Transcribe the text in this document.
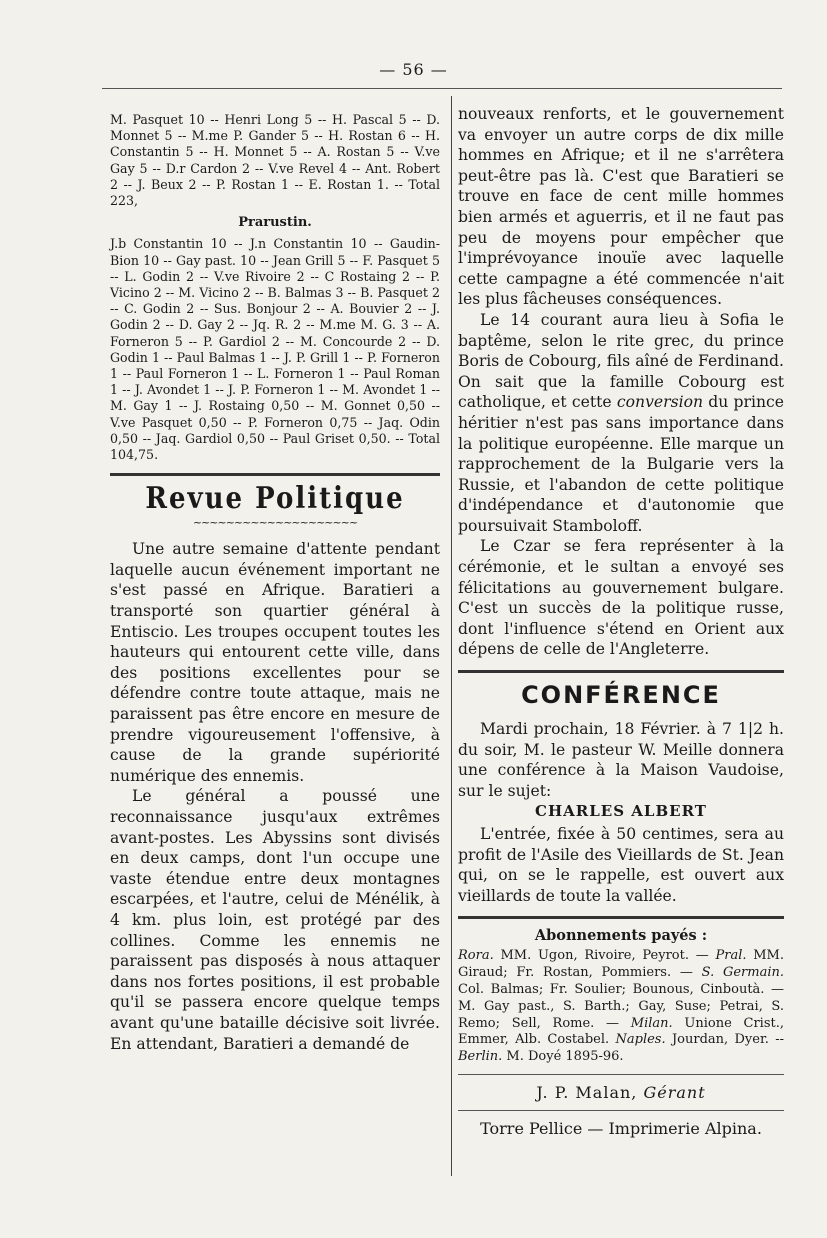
— 56 —

M. Pasquet 10 -- Henri Long 5 -- H. Pascal 5 -- D. Monnet 5 -- M.me P. Gander 5 -- H. Rostan 6 -- H. Constantin 5 -- H. Monnet 5 -- A. Rostan 5 -- V.ve Gay 5 -- D.r Cardon 2 -- V.ve Revel 4 -- Ant. Robert 2 -- J. Beux 2 -- P. Rostan 1 -- E. Rostan 1. -- Total 223,

Prarustin.

J.b Constantin 10 -- J.n Constantin 10 -- Gaudin-Bion 10 -- Gay past. 10 -- Jean Grill 5 -- F. Pasquet 5 -- L. Godin 2 -- V.ve Rivoire 2 -- C Rostaing 2 -- P. Vicino 2 -- M. Vicino 2 -- B. Balmas 3 -- B. Pasquet 2 -- C. Godin 2 -- Sus. Bonjour 2 -- A. Bouvier 2 -- J. Godin 2 -- D. Gay 2 -- Jq. R. 2 -- M.me M. G. 3 -- A. Forneron 5 -- P. Gardiol 2 -- M. Concourde 2 -- D. Godin 1 -- Paul Balmas 1 -- J. P. Grill 1 -- P. Forneron 1 -- Paul Forneron 1 -- L. Forneron 1 -- Paul Roman 1 -- J. Avondet 1 -- J. P. Forneron 1 -- M. Avondet 1 -- M. Gay 1 -- J. Rostaing 0,50 -- M. Gonnet 0,50 -- V.ve Pasquet 0,50 -- P. Forneron 0,75 -- Jaq. Odin 0,50 -- Jaq. Gardiol 0,50 -- Paul Griset 0,50. -- Total 104,75.

Revue Politique
~~~~~~~~~~~~~~~~~~~~

Une autre semaine d'attente pendant laquelle aucun événement important ne s'est passé en Afrique. Baratieri a transporté son quartier général à Entiscio. Les troupes occupent toutes les hauteurs qui entourent cette ville, dans des positions excellentes pour se défendre contre toute attaque, mais ne paraissent pas être encore en mesure de prendre vigoureusement l'offensive, à cause de la grande supériorité numérique des ennemis.

Le général a poussé une reconnaissance jusqu'aux extrêmes avant-postes. Les Abyssins sont divisés en deux camps, dont l'un occupe une vaste étendue entre deux montagnes escarpées, et l'autre, celui de Ménélik, à 4 km. plus loin, est protégé par des collines. Comme les ennemis ne paraissent pas disposés à nous attaquer dans nos fortes positions, il est probable qu'il se passera encore quelque temps avant qu'une bataille décisive soit livrée. En attendant, Baratieri a demandé de

nouveaux renforts, et le gouvernement va envoyer un autre corps de dix mille hommes en Afrique; et il ne s'arrêtera peut-être pas là. C'est que Baratieri se trouve en face de cent mille hommes bien armés et aguerris, et il ne faut pas peu de moyens pour empêcher que l'imprévoyance inouïe avec laquelle cette campagne a été commencée n'ait les plus fâcheuses conséquences.

Le 14 courant aura lieu à Sofia le baptême, selon le rite grec, du prince Boris de Cobourg, fils aîné de Ferdinand. On sait que la famille Cobourg est catholique, et cette conversion du prince héritier n'est pas sans importance dans la politique européenne. Elle marque un rapprochement de la Bulgarie vers la Russie, et l'abandon de cette politique d'indépendance et d'autonomie que poursuivait Stamboloff.

Le Czar se fera représenter à la cérémonie, et le sultan a envoyé ses félicitations au gouvernement bulgare. C'est un succès de la politique russe, dont l'influence s'étend en Orient aux dépens de celle de l'Angleterre.

CONFÉRENCE

Mardi prochain, 18 Février. à 7 1|2 h. du soir, M. le pasteur W. Meille donnera une conférence à la Maison Vaudoise, sur le sujet:

CHARLES ALBERT

L'entrée, fixée à 50 centimes, sera au profit de l'Asile des Vieillards de St. Jean qui, on se le rappelle, est ouvert aux vieillards de toute la vallée.

Abonnements payés :
Rora. MM. Ugon, Rivoire, Peyrot. — Pral. MM. Giraud; Fr. Rostan, Pommiers. — S. Germain. Col. Balmas; Fr. Soulier; Bounous, Cinboutà. — M. Gay past., S. Barth.; Gay, Suse; Petrai, S. Remo; Sell, Rome. — Milan. Unione Crist., Emmer, Alb. Costabel. Naples. Jourdan, Dyer. -- Berlin. M. Doyé 1895-96.
J. P. Malan, Gérant
Torre Pellice — Imprimerie Alpina.
